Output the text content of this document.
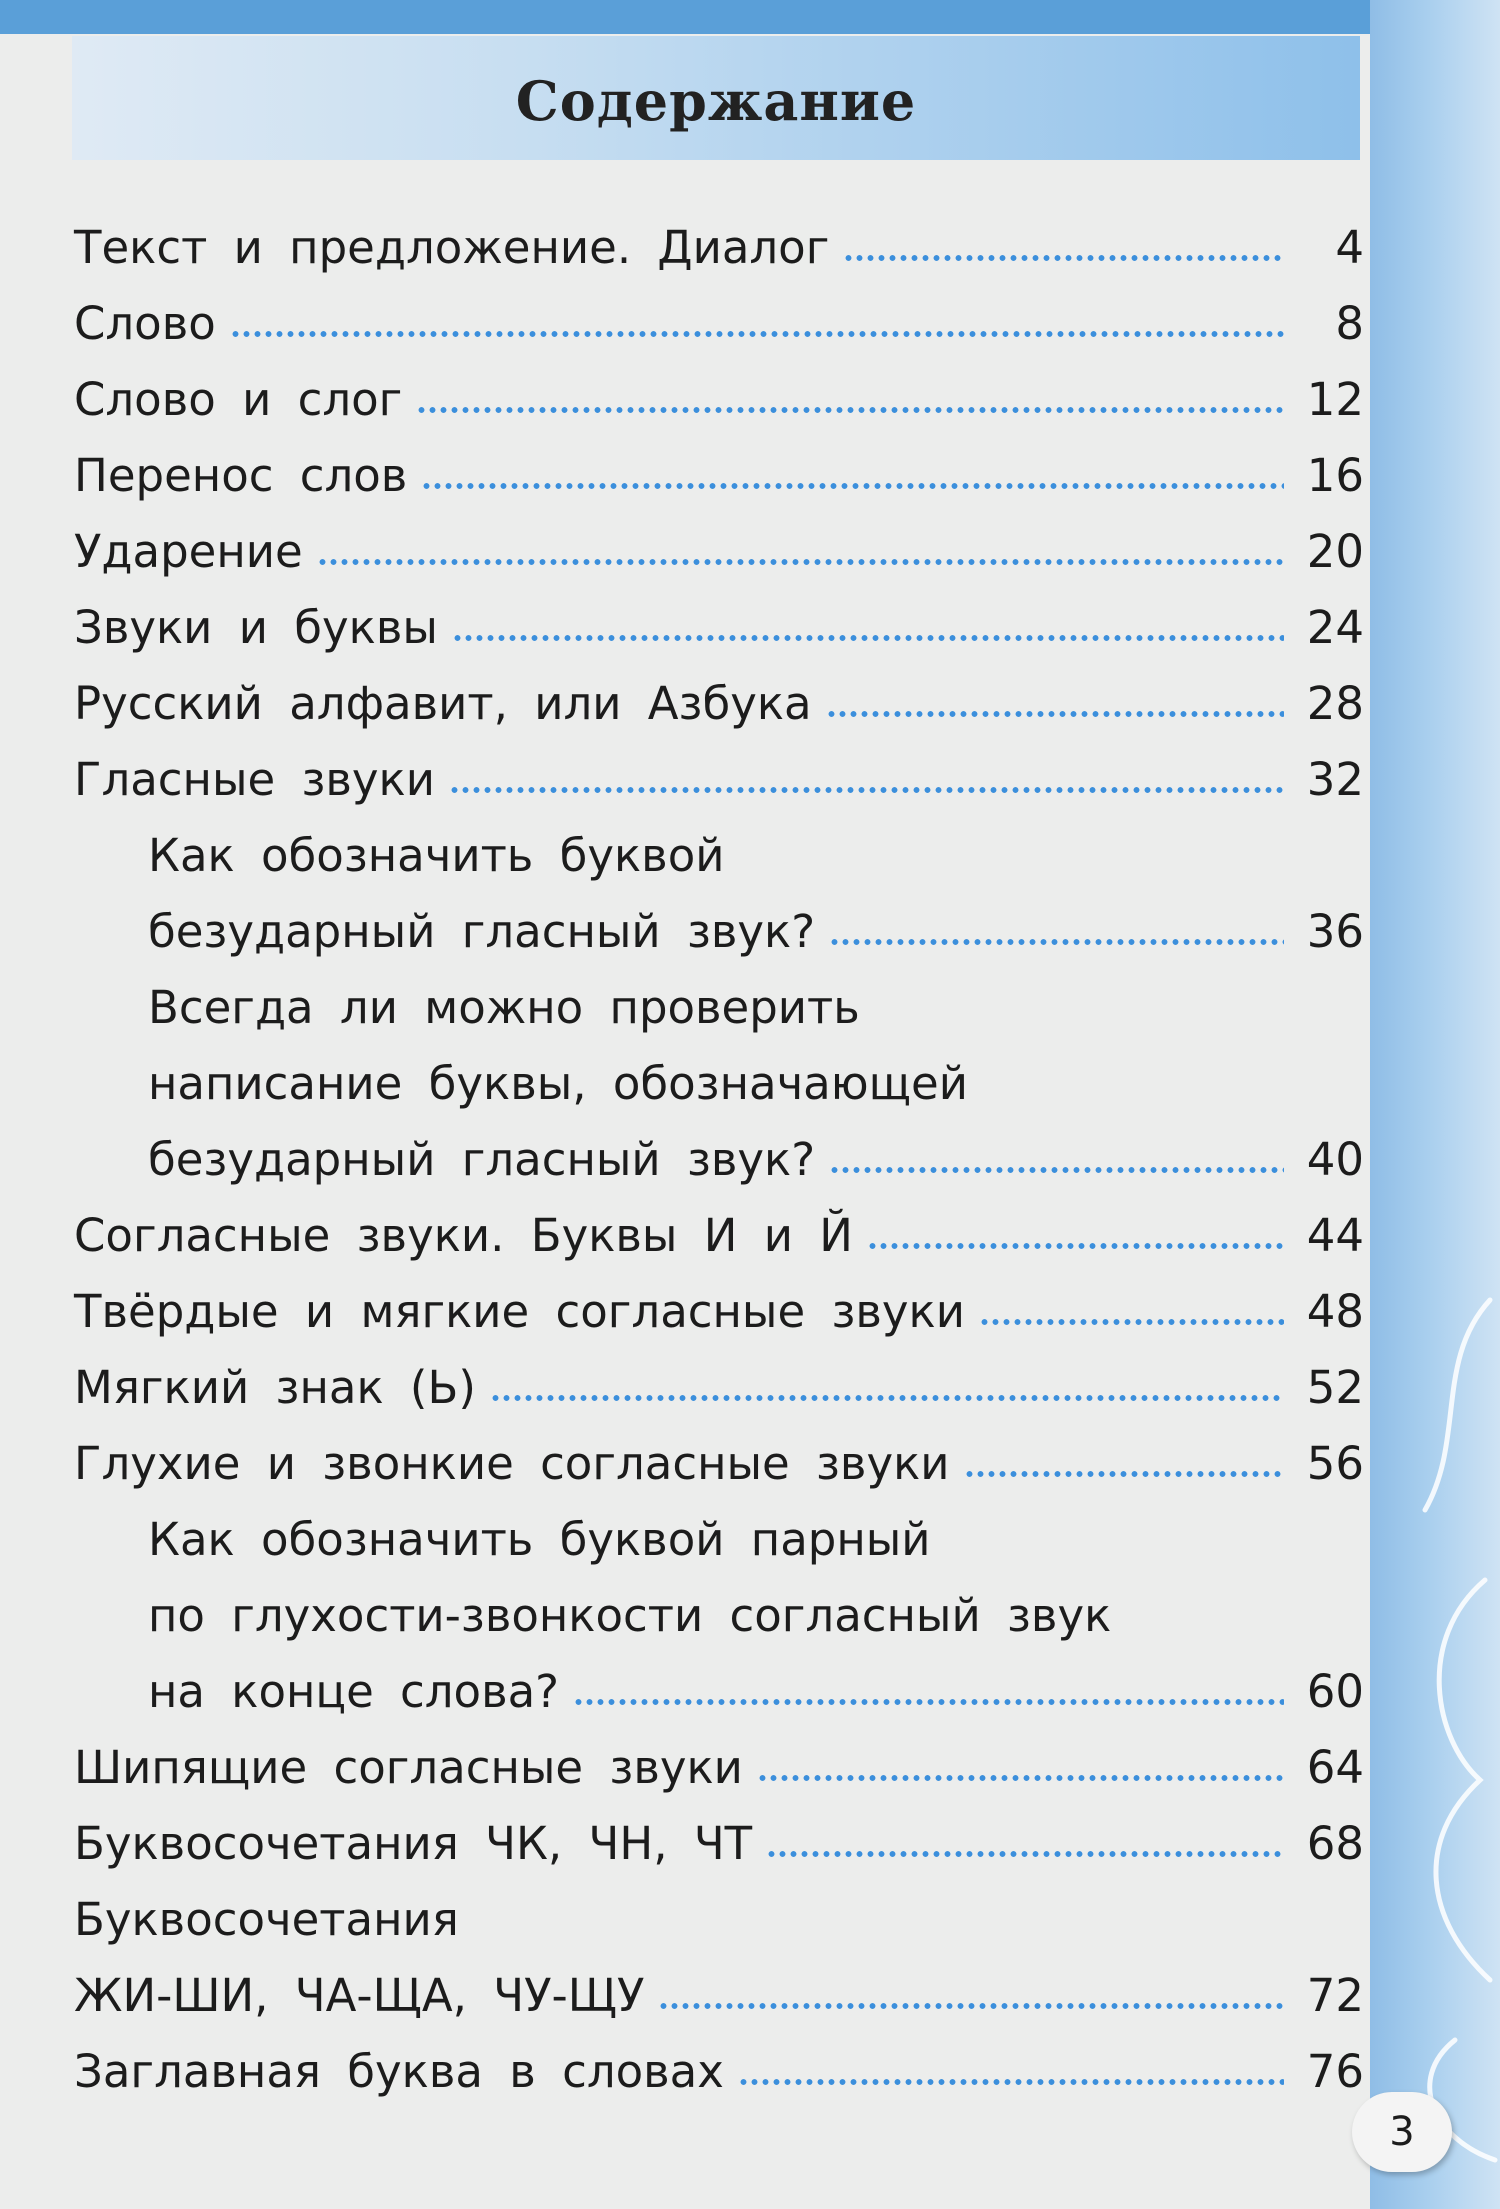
Содержание
Текст и предложение. Диалог	4
Слово	8
Слово и слог	12
Перенос слов	16
Ударение	20
Звуки и буквы	24
Русский алфавит, или Азбука	28
Гласные звуки	32
Как обозначить буквой
безударный гласный звук?	36
Всегда ли можно проверить
написание буквы, обозначающей
безударный гласный звук?	40
Согласные звуки. Буквы И и Й	44
Твёрдые и мягкие согласные звуки	48
Мягкий знак (Ь)	52
Глухие и звонкие согласные звуки	56
Как обозначить буквой парный
по глухости-звонкости согласный звук
на конце слова?	60
Шипящие согласные звуки	64
Буквосочетания ЧК, ЧН, ЧТ	68
Буквосочетания
ЖИ-ШИ, ЧА-ЩА, ЧУ-ЩУ	72
Заглавная буква в словах	76
3
